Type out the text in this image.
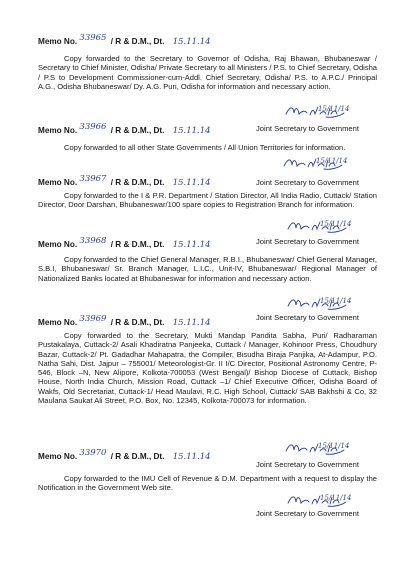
Memo No. 33965 / R & D.M., Dt. 15.11.14
Copy forwarded to the Secretary to Governor of Odisha, Raj Bhawan, Bhubaneswar / Secretary to Chief Minister, Odisha/ Private Secretary to all Ministers / P.S. to Chief Secretary, Odisha / P.S to Development Commissioner-cum-Addl. Chief Secretary, Odisha/ P.S. to A.P.C./ Principal A.G., Odisha Bhubaneswar/ Dy. A.G. Puri, Odisha for information and necessary action.
15/11/14
Joint Secretary to Government
Memo No. 33966 / R & D.M., Dt. 15.11.14
Copy forwarded to all other State Governments / All Union Territories for information.
15/11/14
Memo No. 33967 / R & D.M., Dt. 15.11.14	Joint Secretary to Government
Copy forwarded to the I & P.R. Department / Station Director, All India Radio, Cuttack/ Station Director, Door Darshan, Bhubaneswar/100 spare copies to Registration Branch for information.
15/11/14
Joint Secretary to Government
Memo No. 33968 / R & D.M., Dt. 15.11.14
Copy forwarded to the Chief General Manager, R.B.I., Bhubaneswar/ Chief General Manager, S.B.I, Bhubaneswar/ Sr. Branch Manager, L.I.C., Unit-IV, Bhubaneswar/ Regional Manager of Nationalized Banks located at Bhubaneswar for information and necessary action.
15/11/14
Joint Secretary to Government
Memo No. 33969 / R & D.M., Dt. 15.11.14
Copy forwarded to the Secretary, Mukti Mandap Pandita Sabha, Puri/ Radharaman Pustakalaya, Cuttack-2/ Asali Khadiratna Panjeeka, Cuttack / Manager, Kohinoor Press, Choudhury Bazar, Cuttack-2/ Pt. Gadadhar Mahapatra, the Compiler, Bisudha Biraja Panjika, At-Adampur, P.O. Natha Sahi, Dist. Jajpur – 755001/ Meteorologist-Gr. II I/C Director, Positional Astronomy Centre, P-546, Block –N, New Alipore, Kolkota-700053 (West Bengal)/ Bishop Diocese of Cuttack, Bishop House, North India Church, Mission Road, Cuttack –1/ Chief Executive Officer, Odisha Board of Wakfs, Old Secretariat, Cuttack-1/ Head Maulavi, R.C. High School, Cuttack/ SAB Bakhshi & Co, 32 Maulana Saukat Ali Street, P.O. Box, No. 12345, Kolkota-700073 for information.
15/11/14
Joint Secretary to Government
Memo No. 33970 / R & D.M., Dt. 15.11.14
Copy forwarded to the IMU Cell of Revenue & D.M. Department with a request to display the Notification in the Government Web site.
15/11/14
Joint Secretary to Government
